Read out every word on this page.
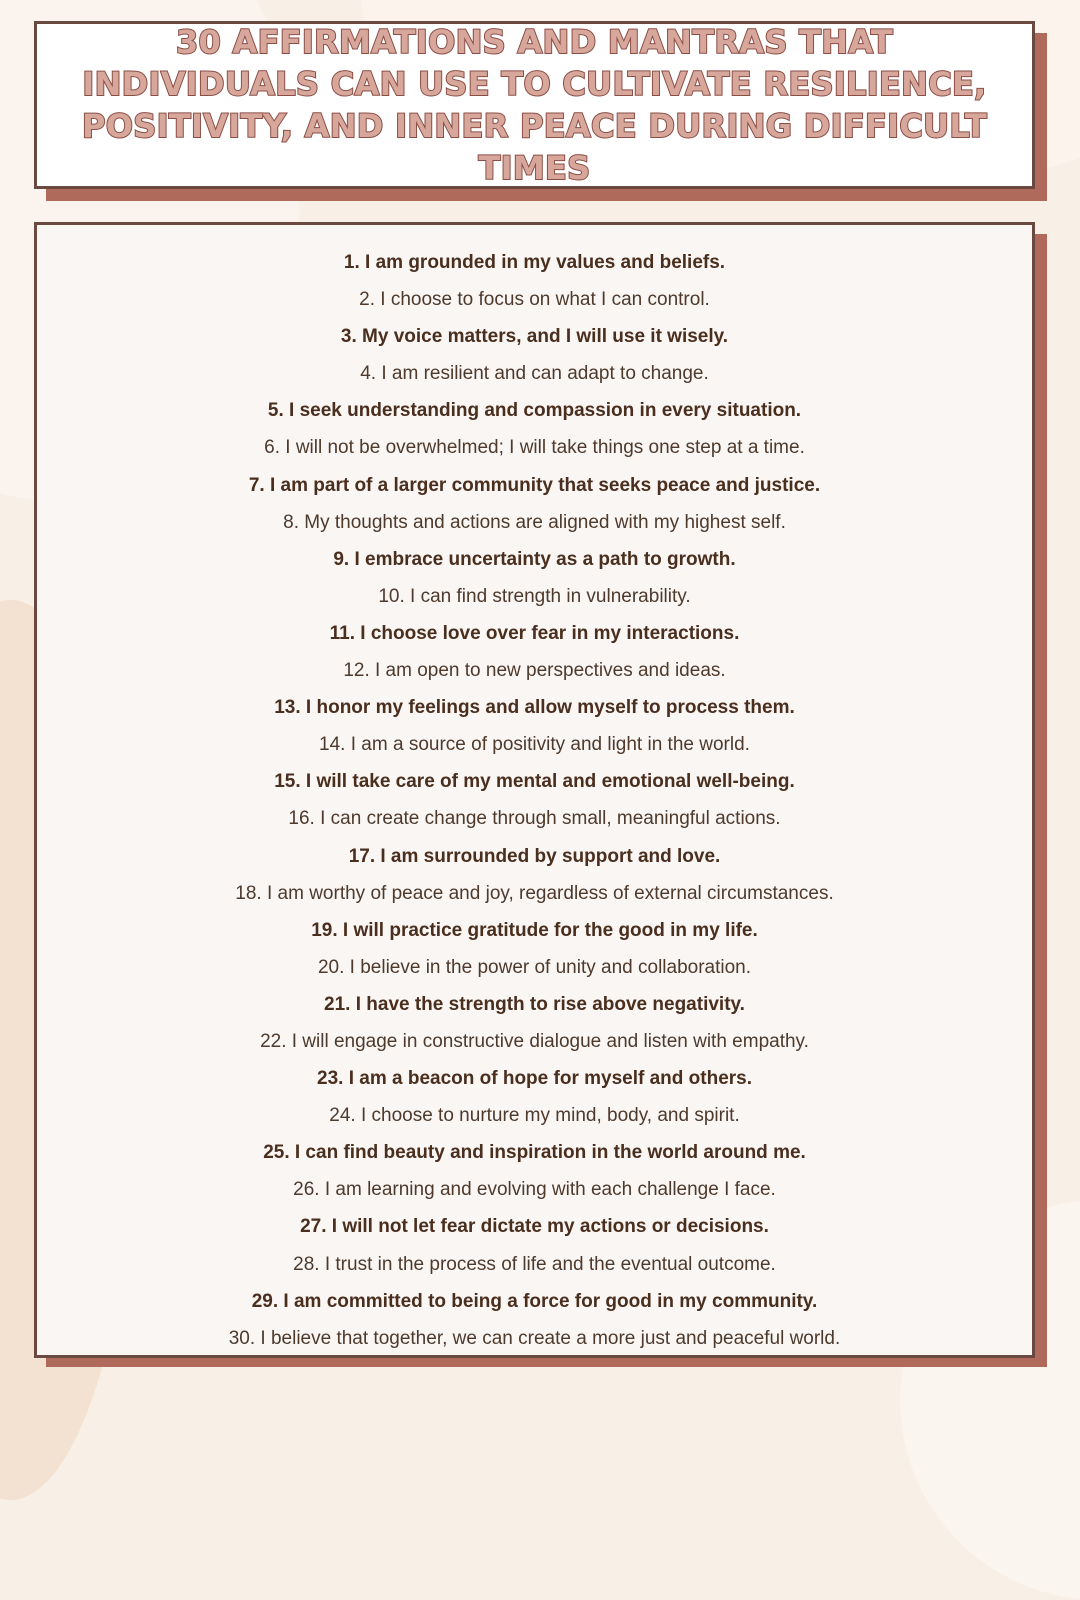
30 AFFIRMATIONS AND MANTRAS THAT INDIVIDUALS CAN USE TO CULTIVATE RESILIENCE, POSITIVITY, AND INNER PEACE DURING DIFFICULT TIMES
1. I am grounded in my values and beliefs.
2. I choose to focus on what I can control.
3. My voice matters, and I will use it wisely.
4. I am resilient and can adapt to change.
5. I seek understanding and compassion in every situation.
6. I will not be overwhelmed; I will take things one step at a time.
7. I am part of a larger community that seeks peace and justice.
8. My thoughts and actions are aligned with my highest self.
9. I embrace uncertainty as a path to growth.
10. I can find strength in vulnerability.
11. I choose love over fear in my interactions.
12. I am open to new perspectives and ideas.
13. I honor my feelings and allow myself to process them.
14. I am a source of positivity and light in the world.
15. I will take care of my mental and emotional well-being.
16. I can create change through small, meaningful actions.
17. I am surrounded by support and love.
18. I am worthy of peace and joy, regardless of external circumstances.
19. I will practice gratitude for the good in my life.
20. I believe in the power of unity and collaboration.
21. I have the strength to rise above negativity.
22. I will engage in constructive dialogue and listen with empathy.
23. I am a beacon of hope for myself and others.
24. I choose to nurture my mind, body, and spirit.
25. I can find beauty and inspiration in the world around me.
26. I am learning and evolving with each challenge I face.
27. I will not let fear dictate my actions or decisions.
28. I trust in the process of life and the eventual outcome.
29. I am committed to being a force for good in my community.
30. I believe that together, we can create a more just and peaceful world.
